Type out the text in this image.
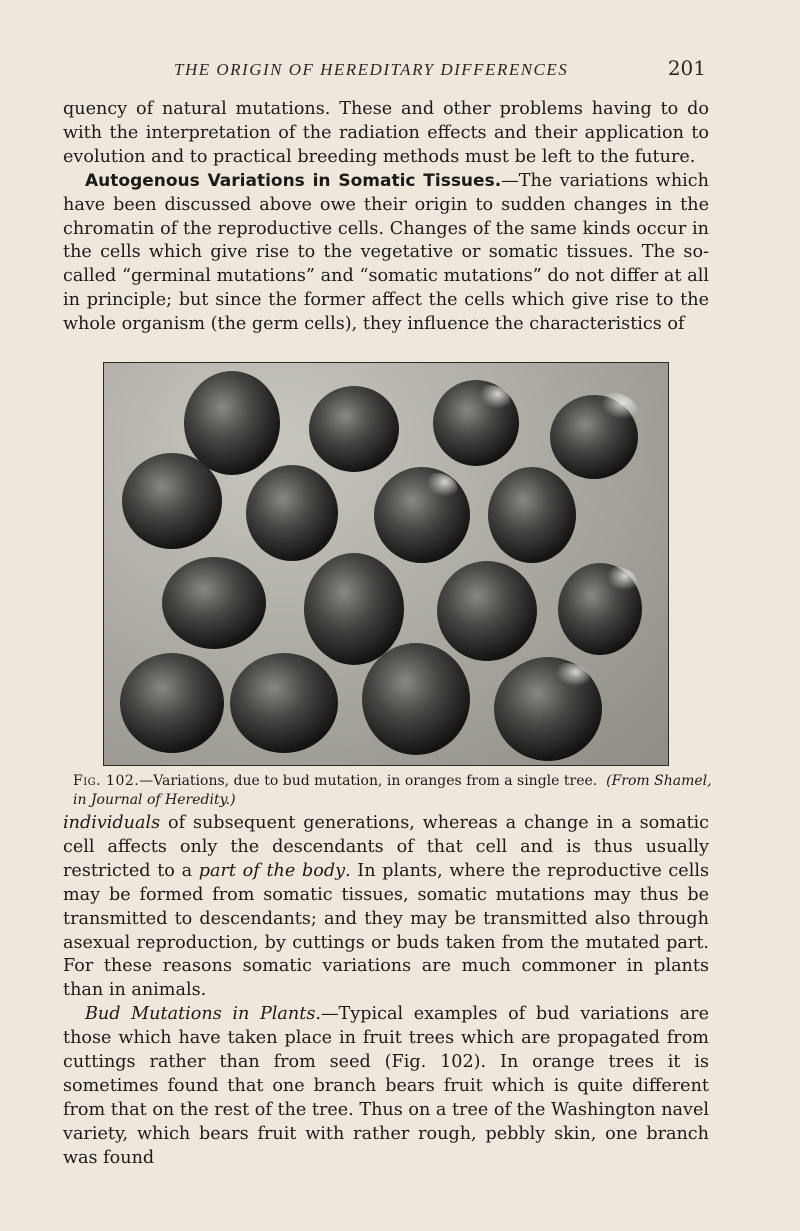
THE ORIGIN OF HEREDITARY DIFFERENCES	201

quency of natural mutations. These and other problems having to do with the interpretation of the radiation effects and their application to evolution and to practical breeding methods must be left to the future.
Autogenous Variations in Somatic Tissues.—The variations which have been discussed above owe their origin to sudden changes in the chromatin of the reproductive cells. Changes of the same kinds occur in the cells which give rise to the vegetative or somatic tissues. The so-called “germinal mutations” and “somatic mutations” do not differ at all in principle; but since the former affect the cells which give rise to the whole organism (the germ cells), they influence the characteristics of

Fig. 102.—Variations, due to bud mutation, in oranges from a single tree. (From Shamel, in Journal of Heredity.)

individuals of subsequent generations, whereas a change in a somatic cell affects only the descendants of that cell and is thus usually restricted to a part of the body. In plants, where the reproductive cells may be formed from somatic tissues, somatic mutations may thus be transmitted to descendants; and they may be transmitted also through asexual reproduction, by cuttings or buds taken from the mutated part. For these reasons somatic variations are much commoner in plants than in animals.
Bud Mutations in Plants.—Typical examples of bud variations are those which have taken place in fruit trees which are propagated from cuttings rather than from seed (Fig. 102). In orange trees it is sometimes found that one branch bears fruit which is quite different from that on the rest of the tree. Thus on a tree of the Washington navel variety, which bears fruit with rather rough, pebbly skin, one branch was found
